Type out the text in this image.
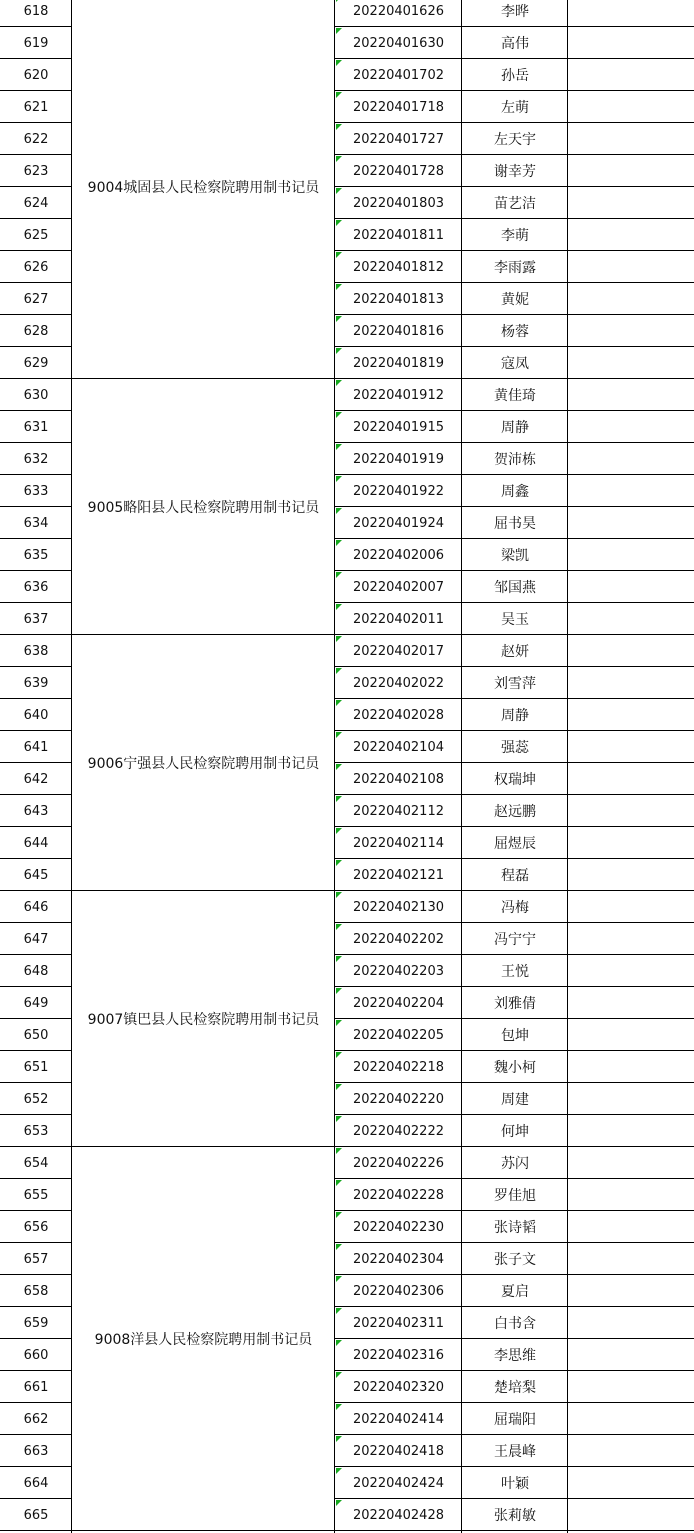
9004城固县人民检察院聘用制书记员
618	20220401626	李晔
619	20220401630	高伟
620	20220401702	孙岳
621	20220401718	左萌
622	20220401727	左天宇
623	20220401728	谢幸芳
624	20220401803	苗艺洁
625	20220401811	李萌
626	20220401812	李雨露
627	20220401813	黄妮
628	20220401816	杨蓉
629	20220401819	寇凤
9005略阳县人民检察院聘用制书记员
630	20220401912	黄佳琦
631	20220401915	周静
632	20220401919	贺沛栋
633	20220401922	周鑫
634	20220401924	屈书昊
635	20220402006	梁凯
636	20220402007	邹国燕
637	20220402011	吴玉
9006宁强县人民检察院聘用制书记员
638	20220402017	赵妍
639	20220402022	刘雪萍
640	20220402028	周静
641	20220402104	强蕊
642	20220402108	权瑞坤
643	20220402112	赵远鹏
644	20220402114	屈煜辰
645	20220402121	程磊
9007镇巴县人民检察院聘用制书记员
646	20220402130	冯梅
647	20220402202	冯宁宁
648	20220402203	王悦
649	20220402204	刘雅倩
650	20220402205	包坤
651	20220402218	魏小柯
652	20220402220	周建
653	20220402222	何坤
9008洋县人民检察院聘用制书记员
654	20220402226	苏闪
655	20220402228	罗佳旭
656	20220402230	张诗韬
657	20220402304	张子文
658	20220402306	夏启
659	20220402311	白书含
660	20220402316	李思维
661	20220402320	楚培梨
662	20220402414	屈瑞阳
663	20220402418	王晨峰
664	20220402424	叶颖
665	20220402428	张莉敏
